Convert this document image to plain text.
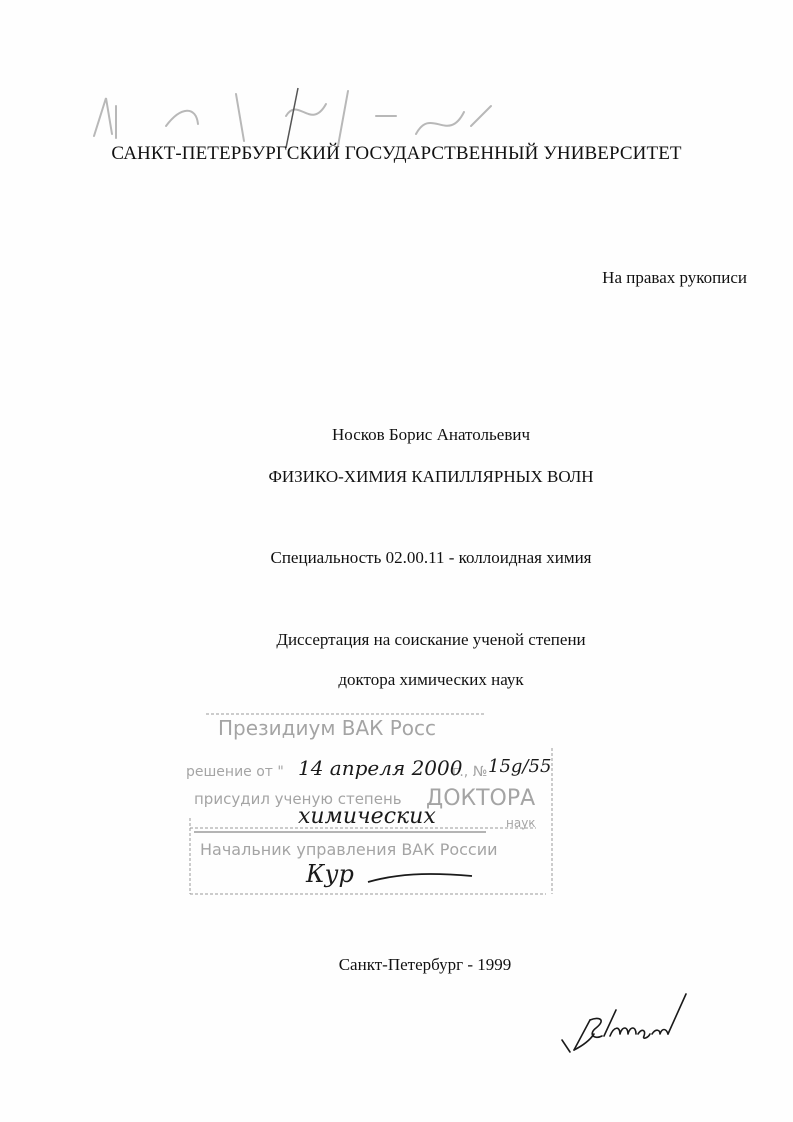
САНКТ-ПЕТЕРБУРГСКИЙ ГОСУДАРСТВЕННЫЙ УНИВЕРСИТЕТ
На правах рукописи
Носков Борис Анатольевич
ФИЗИКО-ХИМИЯ КАПИЛЛЯРНЫХ ВОЛН
Специальность 02.00.11 - коллоидная химия
Диссертация на соискание ученой степени
доктора химических наук
Президиум ВАК Росс
решение от " 14 апреля 2000
г., № 15g/55
присудил ученую степень ДОКТОРА
химических	наук
Начальник управления ВАК России
Кур
Санкт-Петербург - 1999
